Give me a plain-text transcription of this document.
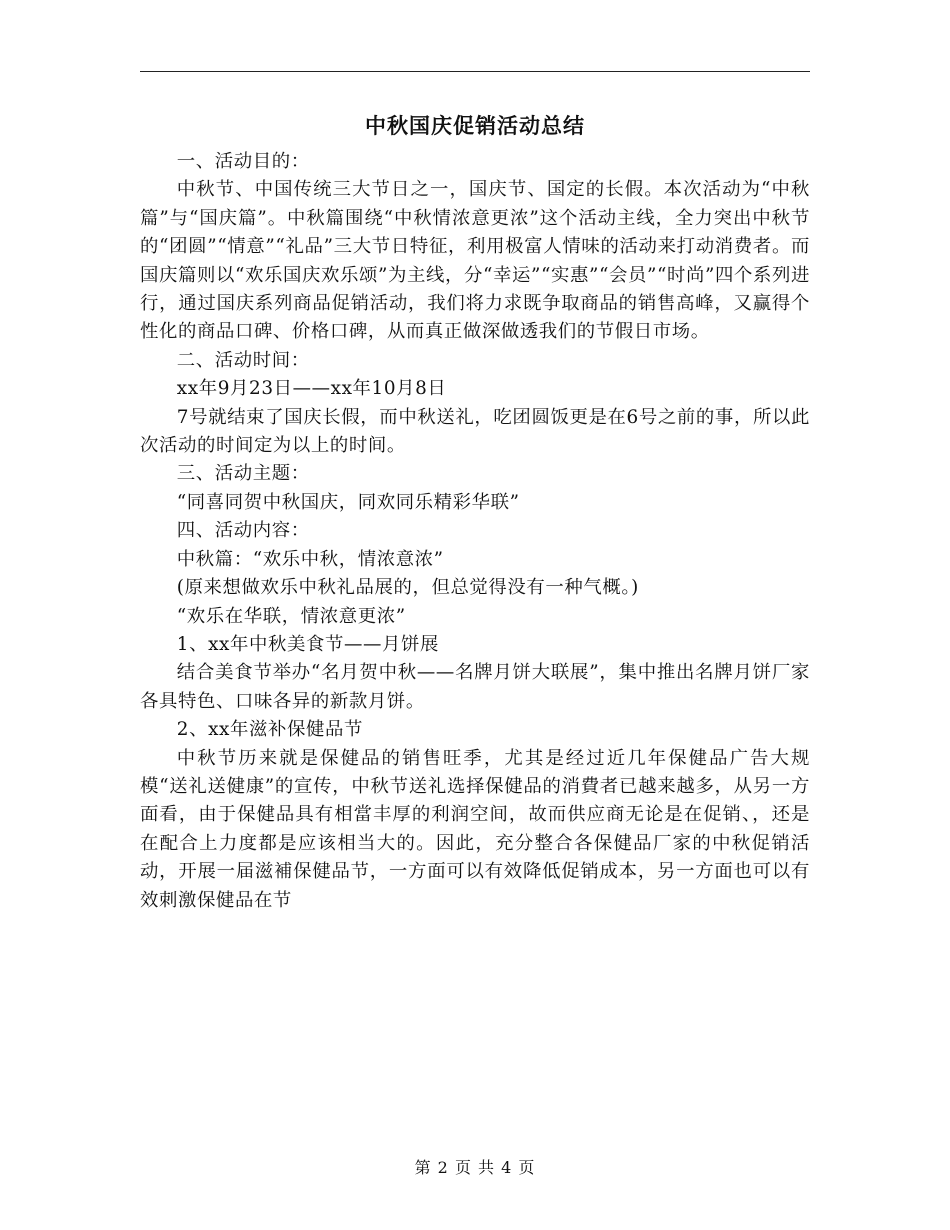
中秋国庆促销活动总结

一、活动目的：

中秋节、中国传统三大节日之一，国庆节、国定的长假。本次活动为“中秋篇”与“国庆篇”。中秋篇围绕“中秋情浓意更浓”这个活动主线，全力突出中秋节的“团圆”“情意”“礼品”三大节日特征，利用极富人情味的活动来打动消费者。而国庆篇则以“欢乐国庆欢乐颂”为主线，分“幸运”“实惠”“会员”“时尚”四个系列进行，通过国庆系列商品促销活动，我们将力求既争取商品的销售高峰，又赢得个性化的商品口碑、价格口碑，从而真正做深做透我们的节假日市场。

二、活动时间：

xx年9月23日——xx年10月8日

7号就结束了国庆长假，而中秋送礼，吃团圆饭更是在6号之前的事，所以此次活动的时间定为以上的时间。

三、活动主题：

“同喜同贺中秋国庆，同欢同乐精彩华联”

四、活动内容：

中秋篇：“欢乐中秋，情浓意浓”

(原来想做欢乐中秋礼品展的，但总觉得没有一种气概。)

“欢乐在华联，情浓意更浓”

1、xx年中秋美食节——月饼展

结合美食节举办“名月贺中秋——名牌月饼大联展”，集中推出名牌月饼厂家各具特色、口味各异的新款月饼。

2、xx年滋补保健品节

中秋节历来就是保健品的销售旺季，尤其是经过近几年保健品广告大规模“送礼送健康”的宣传，中秋节送礼选择保健品的消費者已越来越多，从另一方面看，由于保健品具有相當丰厚的利润空间，故而供应商无论是在促销、，还是在配合上力度都是应该相当大的。因此，充分整合各保健品厂家的中秋促销活动，开展一届滋補保健品节，一方面可以有效降低促销成本，另一方面也可以有效刺激保健品在节

第 2 页 共 4 页
